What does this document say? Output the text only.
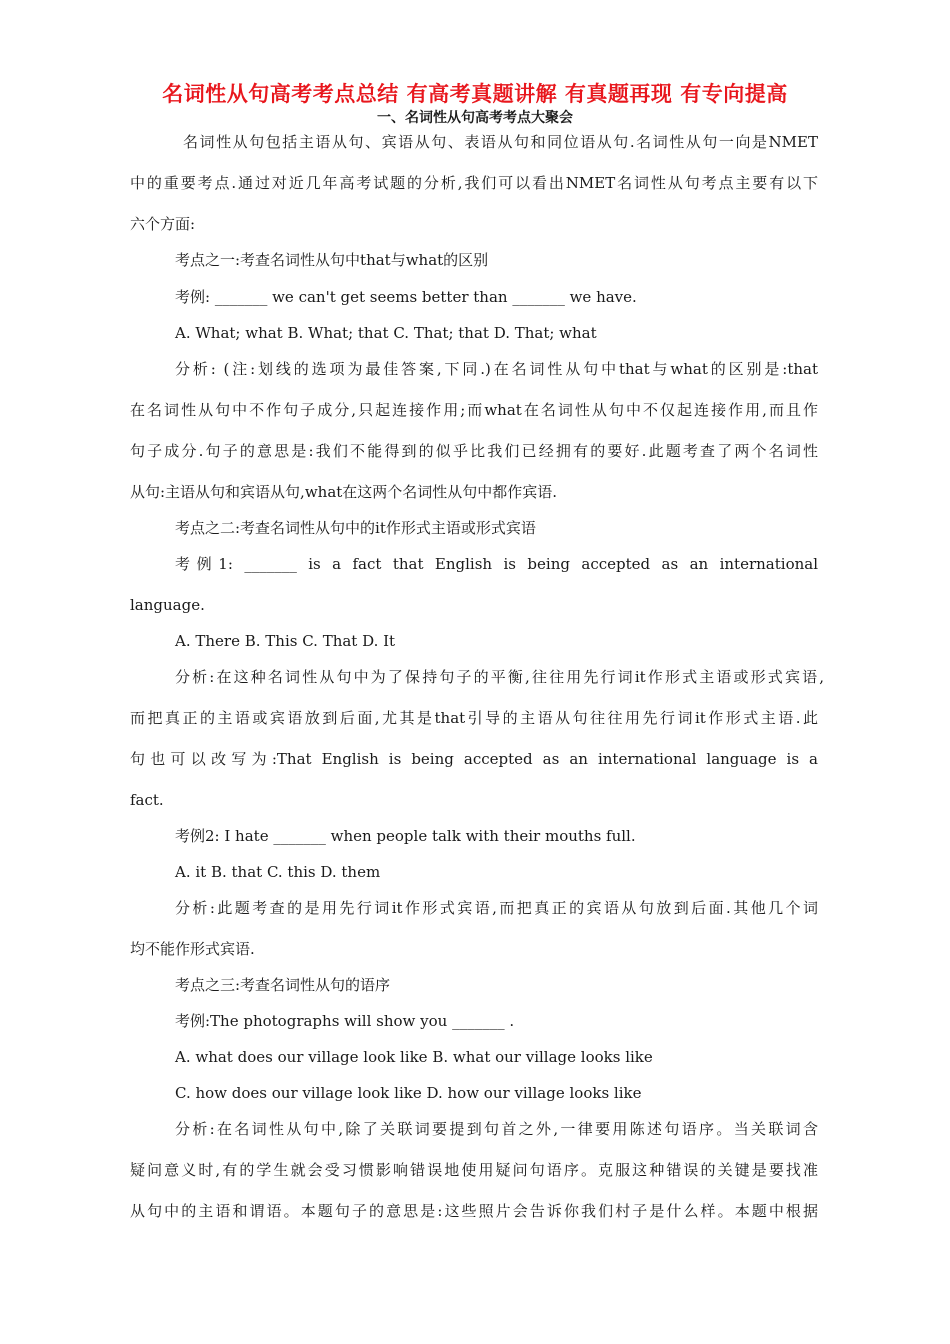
名词性从句高考考点总结 有高考真题讲解 有真题再现 有专向提高
一、名词性从句高考考点大聚会
名词性从句包括主语从句、宾语从句、表语从句和同位语从句.名词性从句一向是NMET
中的重要考点.通过对近几年高考试题的分析,我们可以看出NMET名词性从句考点主要有以下
六个方面:
考点之一:考查名词性从句中that与what的区别
考例: _______ we can't get seems better than _______ we have.
A. What; what B. What; that C. That; that D. That; what
分析: (注:划线的选项为最佳答案,下同.)在名词性从句中that与what的区别是:that
在名词性从句中不作句子成分,只起连接作用;而what在名词性从句中不仅起连接作用,而且作
句子成分.句子的意思是:我们不能得到的似乎比我们已经拥有的要好.此题考查了两个名词性
从句:主语从句和宾语从句,what在这两个名词性从句中都作宾语.
考点之二:考查名词性从句中的it作形式主语或形式宾语
考例1: _______ is a fact that English is being accepted as an international
language.
A. There B. This C. That D. It
分析:在这种名词性从句中为了保持句子的平衡,往往用先行词it作形式主语或形式宾语,
而把真正的主语或宾语放到后面,尤其是that引导的主语从句往往用先行词it作形式主语.此
句也可以改写为:That English is being accepted as an international language is a
fact.
考例2: I hate _______ when people talk with their mouths full.
A. it B. that C. this D. them
分析:此题考查的是用先行词it作形式宾语,而把真正的宾语从句放到后面.其他几个词
均不能作形式宾语.
考点之三:考查名词性从句的语序
考例:The photographs will show you _______ .
A. what does our village look like B. what our village looks like
C. how does our village look like D. how our village looks like
分析:在名词性从句中,除了关联词要提到句首之外,一律要用陈述句语序。当关联词含
疑问意义时,有的学生就会受习惯影响错误地使用疑问句语序。克服这种错误的关键是要找准
从句中的主语和谓语。本题句子的意思是:这些照片会告诉你我们村子是什么样。本题中根据
